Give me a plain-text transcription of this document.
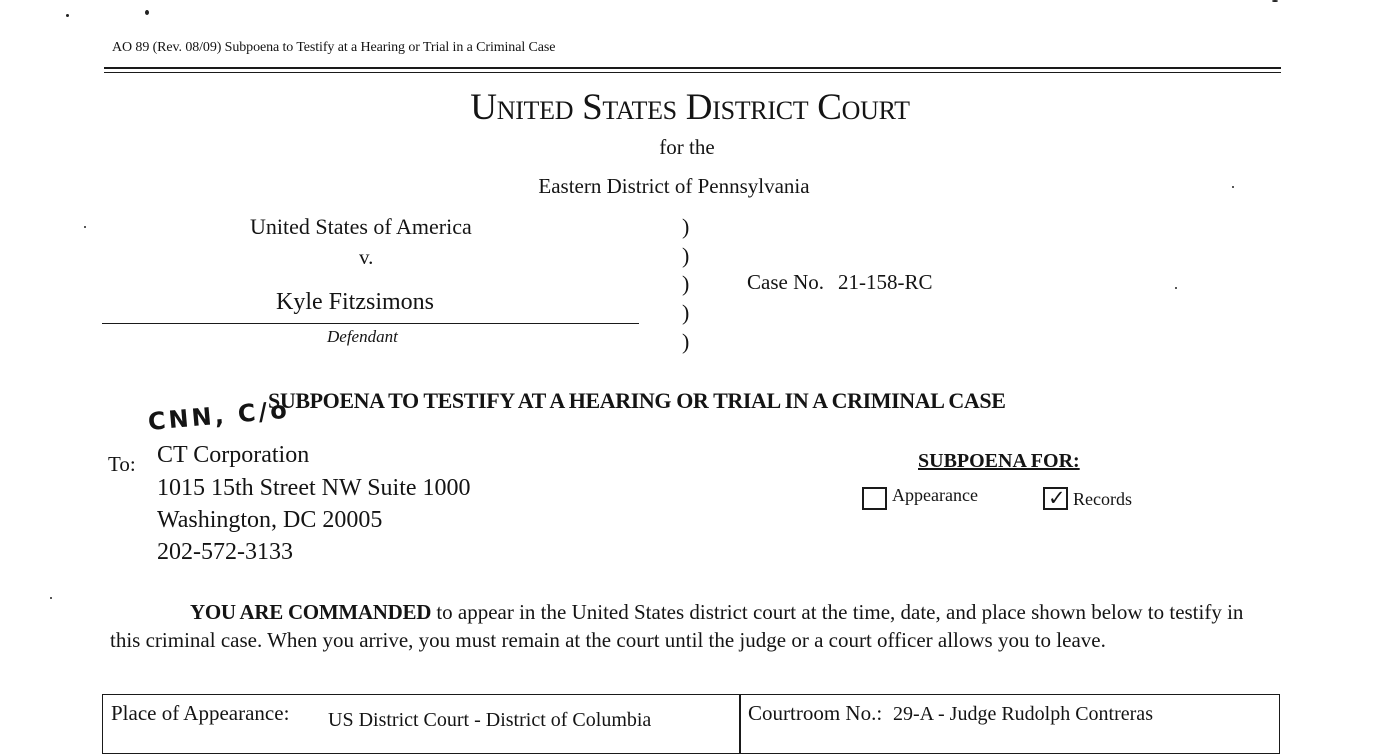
AO 89 (Rev. 08/09) Subpoena to Testify at a Hearing or Trial in a Criminal Case
United States District Court
for the
Eastern District of Pennsylvania
United States of America
v.
Kyle Fitzsimons
Defendant
)
)
)
)
)
Case No. 21-158-RC
SUBPOENA TO TESTIFY AT A HEARING OR TRIAL IN A CRIMINAL CASE
CNN, C/o
To: CT Corporation
1015 15th Street NW Suite 1000
Washington, DC 20005
202-572-3133
SUBPOENA FOR:
Appearance	✓ Records
YOU ARE COMMANDED to appear in the United States district court at the time, date, and place shown below to testify in this criminal case. When you arrive, you must remain at the court until the judge or a court officer allows you to leave.
Place of Appearance: US District Court - District of Columbia	Courtroom No.: 29-A - Judge Rudolph Contreras
